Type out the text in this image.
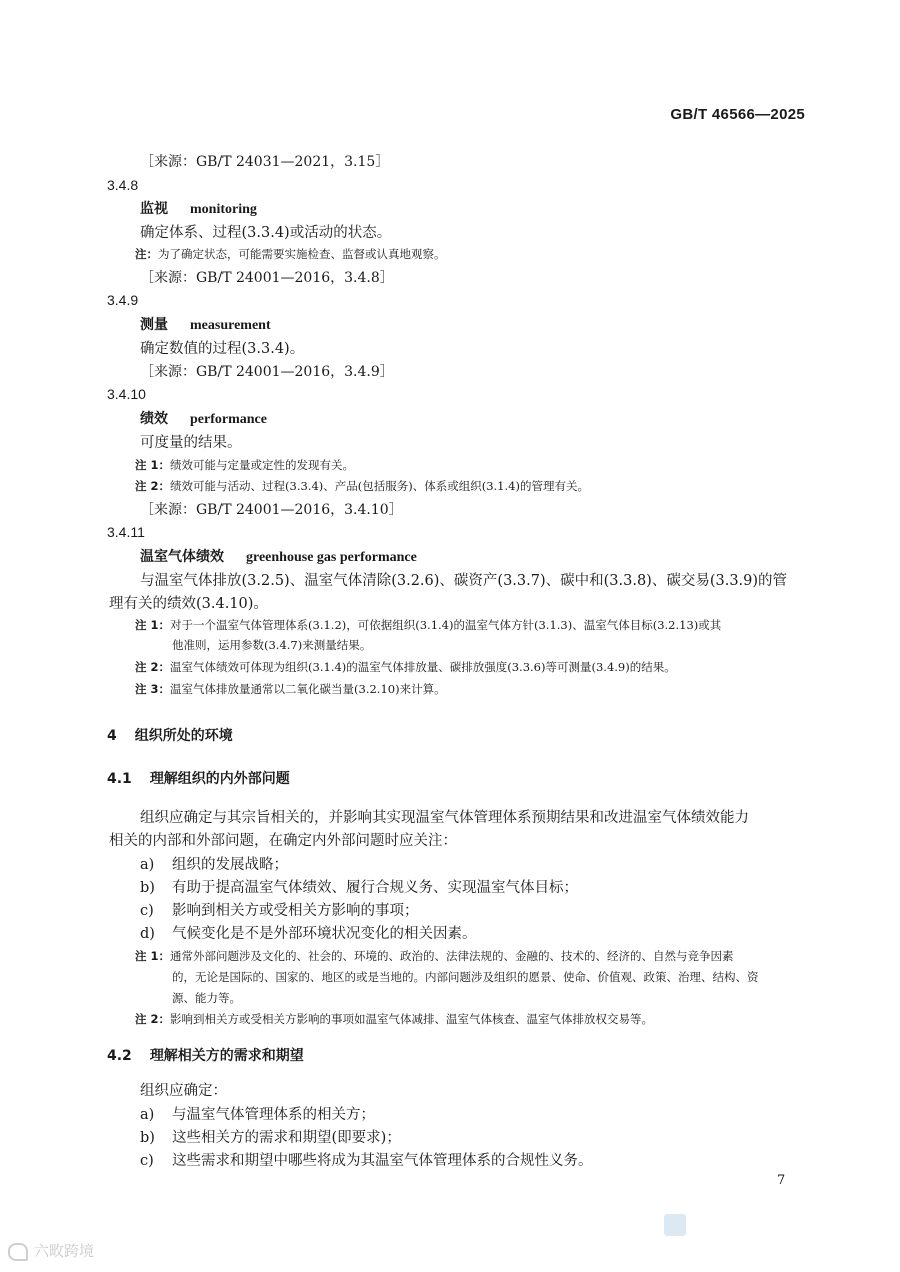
GB/T 46566—2025
［来源：GB/T 24031—2021，3.15］
3.4.8
监视 monitoring
确定体系、过程(3.3.4)或活动的状态。
注：为了确定状态，可能需要实施检查、监督或认真地观察。
［来源：GB/T 24001—2016，3.4.8］
3.4.9
测量 measurement
确定数值的过程(3.3.4)。
［来源：GB/T 24001—2016，3.4.9］
3.4.10
绩效 performance
可度量的结果。
注 1：绩效可能与定量或定性的发现有关。
注 2：绩效可能与活动、过程(3.3.4)、产品(包括服务)、体系或组织(3.1.4)的管理有关。
［来源：GB/T 24001—2016，3.4.10］
3.4.11
温室气体绩效 greenhouse gas performance
与温室气体排放(3.2.5)、温室气体清除(3.2.6)、碳资产(3.3.7)、碳中和(3.3.8)、碳交易(3.3.9)的管
理有关的绩效(3.4.10)。
注 1：对于一个温室气体管理体系(3.1.2)，可依据组织(3.1.4)的温室气体方针(3.1.3)、温室气体目标(3.2.13)或其
他准则，运用参数(3.4.7)来测量结果。
注 2：温室气体绩效可体现为组织(3.1.4)的温室气体排放量、碳排放强度(3.3.6)等可测量(3.4.9)的结果。
注 3：温室气体排放量通常以二氧化碳当量(3.2.10)来计算。
4 组织所处的环境
4.1 理解组织的内外部问题
组织应确定与其宗旨相关的，并影响其实现温室气体管理体系预期结果和改进温室气体绩效能力
相关的内部和外部问题，在确定内外部问题时应关注：
a) 组织的发展战略；
b) 有助于提高温室气体绩效、履行合规义务、实现温室气体目标；
c) 影响到相关方或受相关方影响的事项；
d) 气候变化是不是外部环境状况变化的相关因素。
注 1：通常外部问题涉及文化的、社会的、环境的、政治的、法律法规的、金融的、技术的、经济的、自然与竞争因素
的，无论是国际的、国家的、地区的或是当地的。内部问题涉及组织的愿景、使命、价值观、政策、治理、结构、资
源、能力等。
注 2：影响到相关方或受相关方影响的事项如温室气体减排、温室气体核查、温室气体排放权交易等。
4.2 理解相关方的需求和期望
组织应确定：
a) 与温室气体管理体系的相关方；
b) 这些相关方的需求和期望(即要求)；
c) 这些需求和期望中哪些将成为其温室气体管理体系的合规性义务。
7
六畋跨境
